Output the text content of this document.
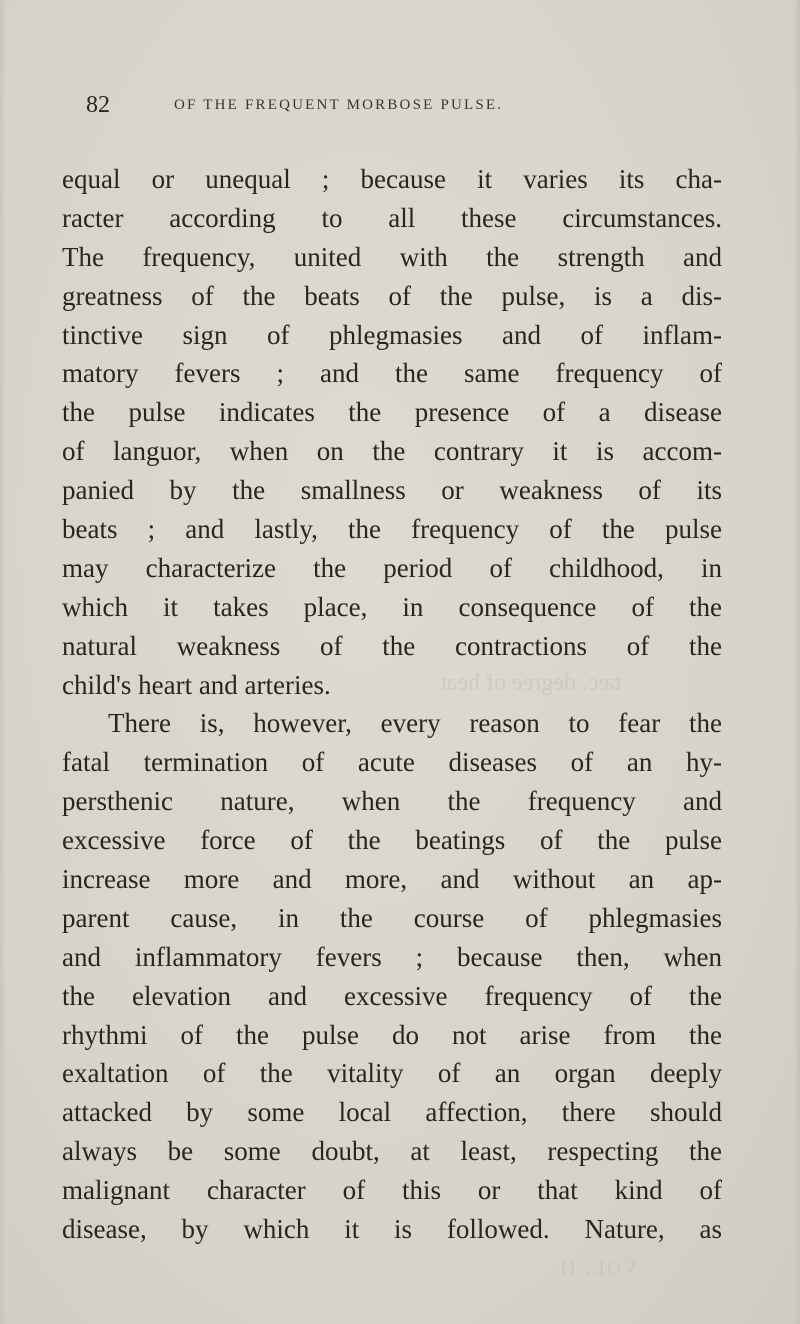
tæc. degree of heat
VOL. II.
82	OF THE FREQUENT MORBOSE PULSE.
equal or unequal ; because it varies its cha-
racter according to all these circumstances.
The frequency, united with the strength and
greatness of the beats of the pulse, is a dis-
tinctive sign of phlegmasies and of inflam-
matory fevers ; and the same frequency of
the pulse indicates the presence of a disease
of languor, when on the contrary it is accom-
panied by the smallness or weakness of its
beats ; and lastly, the frequency of the pulse
may characterize the period of childhood, in
which it takes place, in consequence of the
natural weakness of the contractions of the
child's heart and arteries.
There is, however, every reason to fear the
fatal termination of acute diseases of an hy-
persthenic nature, when the frequency and
excessive force of the beatings of the pulse
increase more and more, and without an ap-
parent cause, in the course of phlegmasies
and inflammatory fevers ; because then, when
the elevation and excessive frequency of the
rhythmi of the pulse do not arise from the
exaltation of the vitality of an organ deeply
attacked by some local affection, there should
always be some doubt, at least, respecting the
malignant character of this or that kind of
disease, by which it is followed. Nature, as
